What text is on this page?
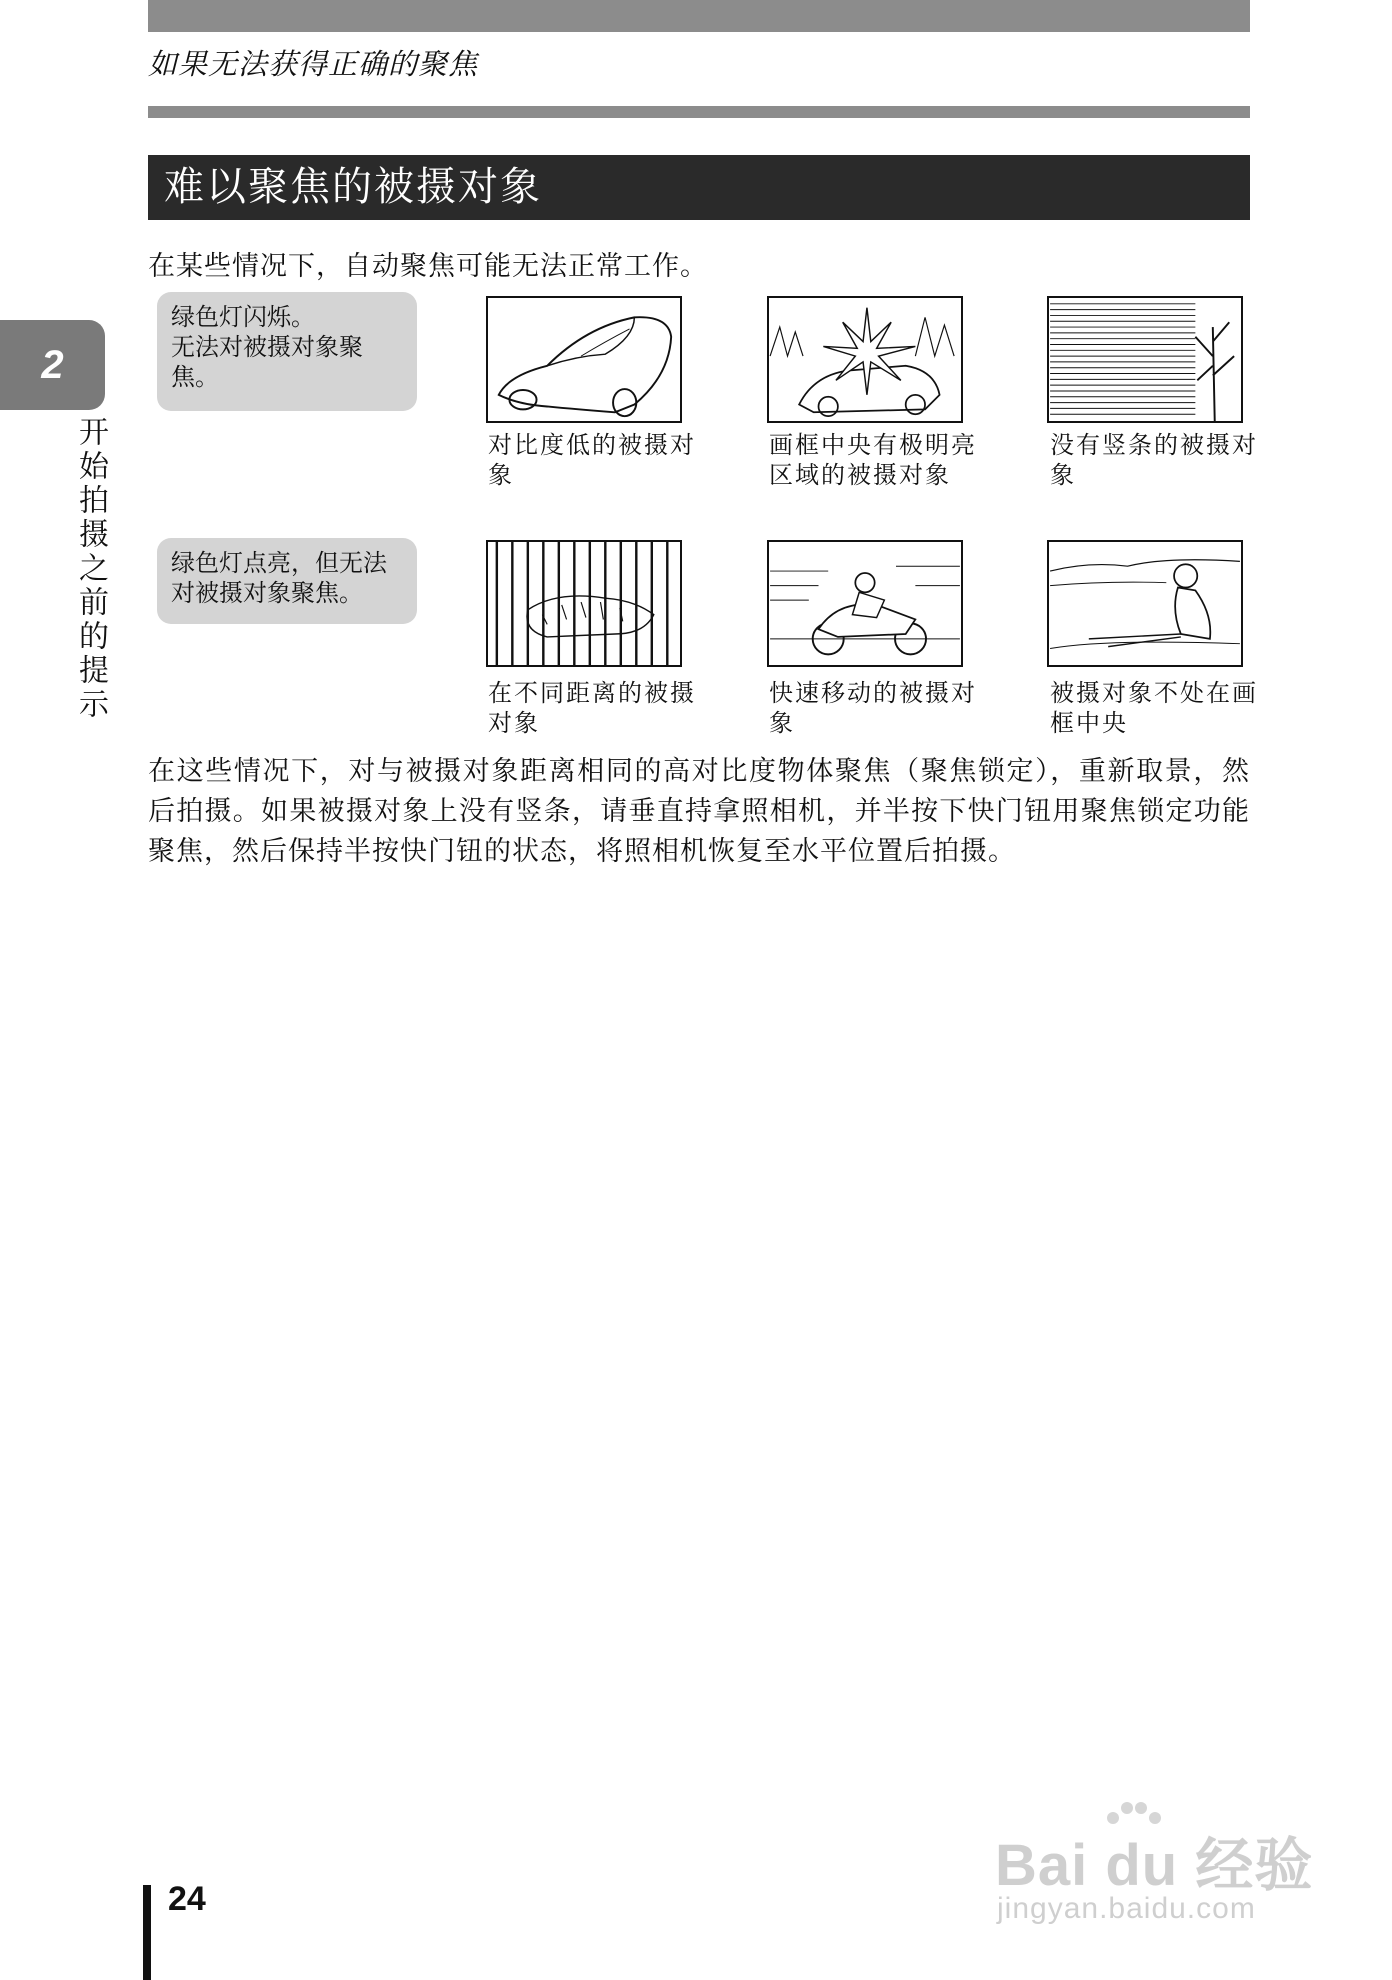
如果无法获得正确的聚焦
难以聚焦的被摄对象
在某些情况下，自动聚焦可能无法正常工作。
2
开始拍摄之前的提示
绿色灯闪烁。
无法对被摄对象聚焦。
绿色灯点亮，但无法对被摄对象聚焦。
对比度低的被摄对象
画框中央有极明亮区域的被摄对象
没有竖条的被摄对象
在不同距离的被摄对象
快速移动的被摄对象
被摄对象不处在画框中央
在这些情况下，对与被摄对象距离相同的高对比度物体聚焦（聚焦锁定），重新取景，然后拍摄。如果被摄对象上没有竖条，请垂直持拿照相机，并半按下快门钮用聚焦锁定功能聚焦，然后保持半按快门钮的状态，将照相机恢复至水平位置后拍摄。
24
Bai du 经验
jingyan.baidu.com
